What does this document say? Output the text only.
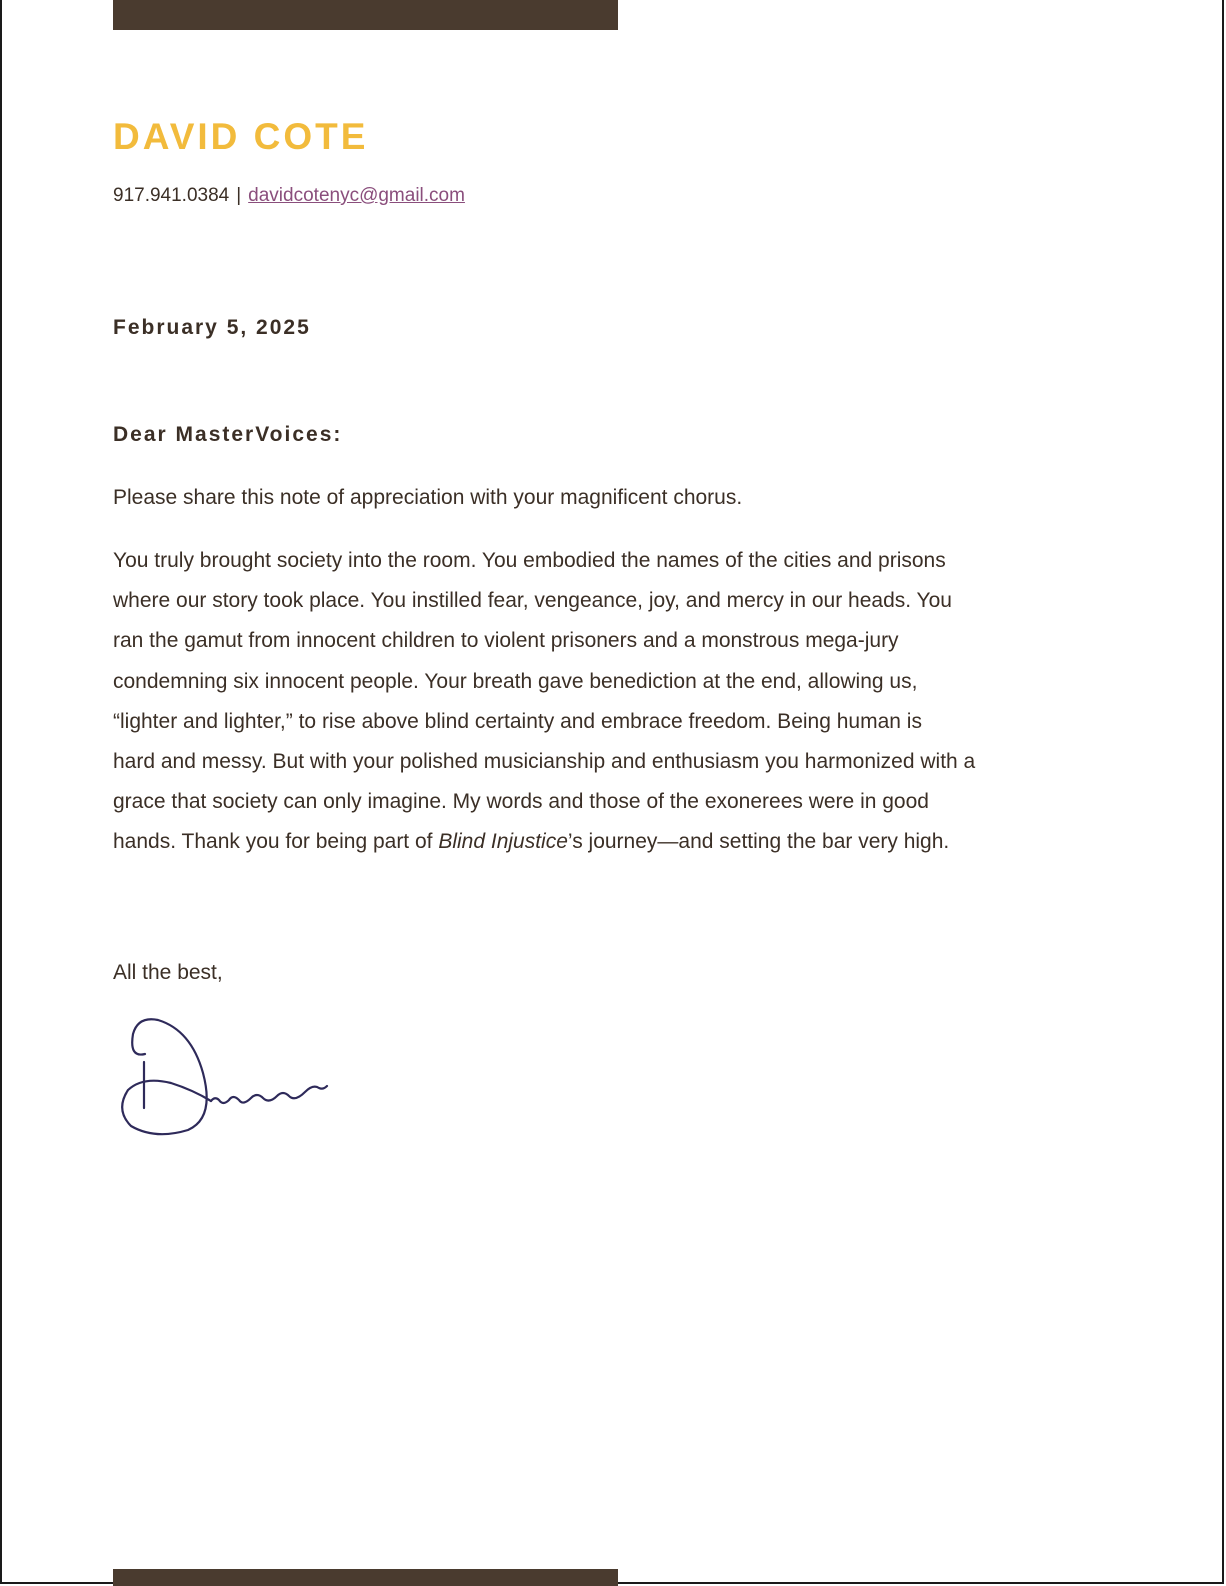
DAVID COTE
917.941.0384 | davidcotenyc@gmail.com
February 5, 2025
Dear MasterVoices:
Please share this note of appreciation with your magnificent chorus.
You truly brought society into the room. You embodied the names of the cities and prisons
where our story took place. You instilled fear, vengeance, joy, and mercy in our heads. You
ran the gamut from innocent children to violent prisoners and a monstrous mega-jury
condemning six innocent people. Your breath gave benediction at the end, allowing us,
“lighter and lighter,” to rise above blind certainty and embrace freedom. Being human is
hard and messy. But with your polished musicianship and enthusiasm you harmonized with a
grace that society can only imagine. My words and those of the exonerees were in good
hands. Thank you for being part of Blind Injustice’s journey—and setting the bar very high.
All the best,
